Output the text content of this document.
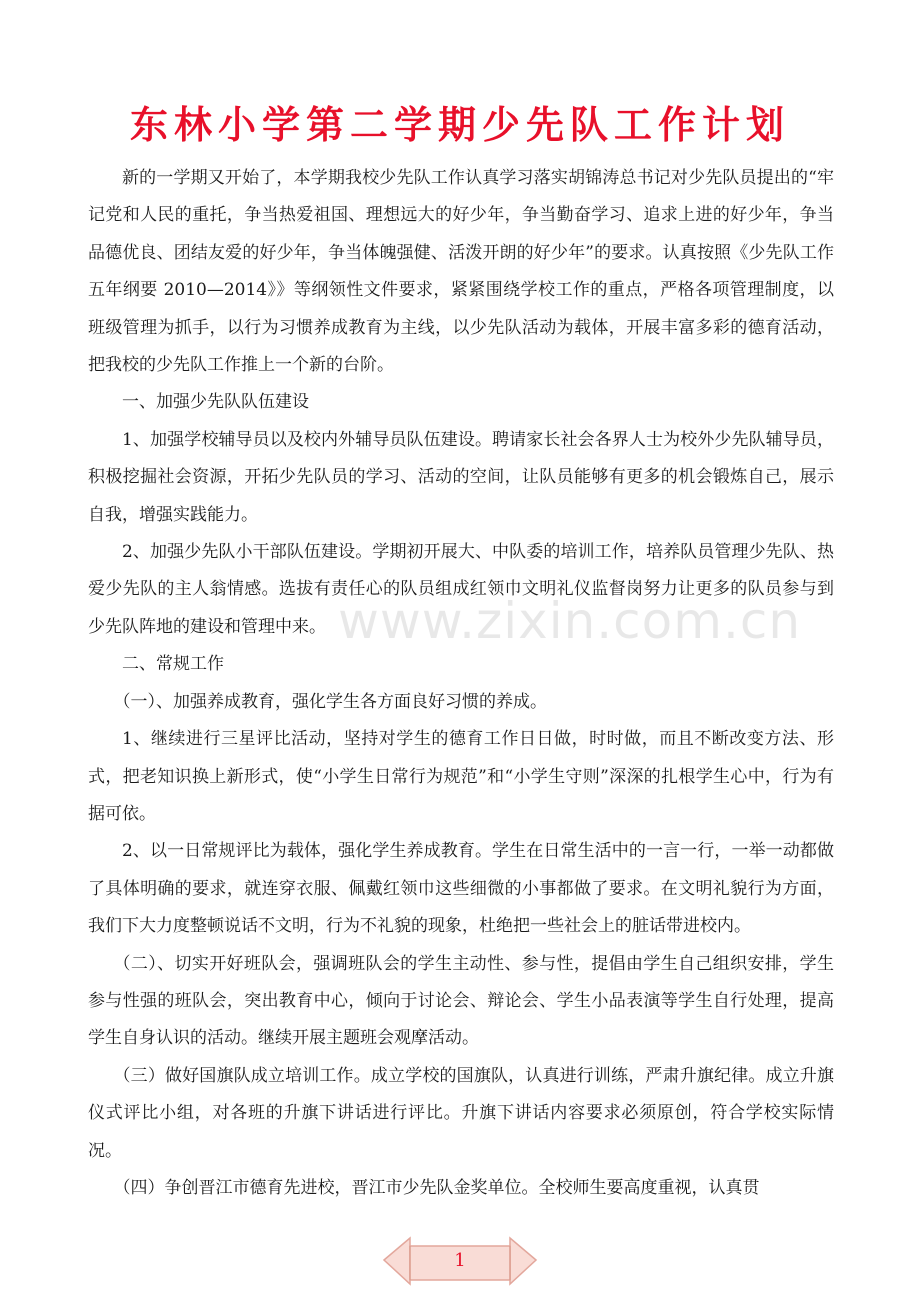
东林小学第二学期少先队工作计划

新的一学期又开始了，本学期我校少先队工作认真学习落实胡锦涛总书记对少先队员提出的“牢记党和人民的重托，争当热爱祖国、理想远大的好少年，争当勤奋学习、追求上进的好少年，争当品德优良、团结友爱的好少年，争当体魄强健、活泼开朗的好少年”的要求。认真按照《少先队工作五年纲要 2010—2014》》等纲领性文件要求，紧紧围绕学校工作的重点，严格各项管理制度，以班级管理为抓手，以行为习惯养成教育为主线，以少先队活动为载体，开展丰富多彩的德育活动，把我校的少先队工作推上一个新的台阶。

一、加强少先队队伍建设

1、加强学校辅导员以及校内外辅导员队伍建设。聘请家长社会各界人士为校外少先队辅导员，积极挖掘社会资源，开拓少先队员的学习、活动的空间，让队员能够有更多的机会锻炼自己，展示自我，增强实践能力。

2、加强少先队小干部队伍建设。学期初开展大、中队委的培训工作，培养队员管理少先队、热爱少先队的主人翁情感。选拔有责任心的队员组成红领巾文明礼仪监督岗努力让更多的队员参与到少先队阵地的建设和管理中来。

二、常规工作

（一）、加强养成教育，强化学生各方面良好习惯的养成。

1、继续进行三星评比活动，坚持对学生的德育工作日日做，时时做，而且不断改变方法、形式，把老知识换上新形式，使“小学生日常行为规范”和“小学生守则”深深的扎根学生心中，行为有据可依。

2、以一日常规评比为载体，强化学生养成教育。学生在日常生活中的一言一行，一举一动都做了具体明确的要求，就连穿衣服、佩戴红领巾这些细微的小事都做了要求。在文明礼貌行为方面，我们下大力度整顿说话不文明，行为不礼貌的现象，杜绝把一些社会上的脏话带进校内。

（二）、切实开好班队会，强调班队会的学生主动性、参与性，提倡由学生自己组织安排，学生参与性强的班队会，突出教育中心，倾向于讨论会、辩论会、学生小品表演等学生自行处理，提高学生自身认识的活动。继续开展主题班会观摩活动。

（三）做好国旗队成立培训工作。成立学校的国旗队，认真进行训练，严肃升旗纪律。成立升旗仪式评比小组，对各班的升旗下讲话进行评比。升旗下讲话内容要求必须原创，符合学校实际情况。

（四）争创晋江市德育先进校，晋江市少先队金奖单位。全校师生要高度重视，认真贯

www.zixin.com.cn
1
